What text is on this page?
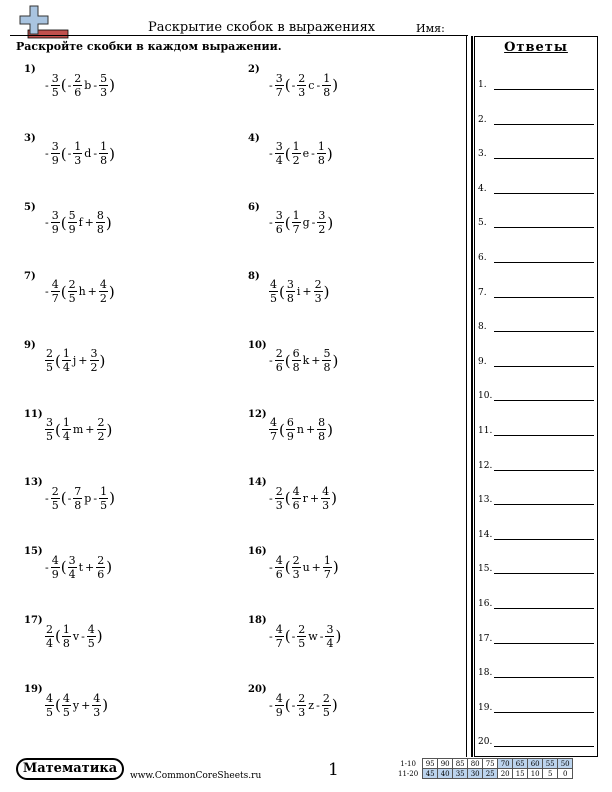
Раскрытие скобок в выражениях	Имя:
Раскройте скобки в каждом выражении.	Ответы
1.
2.
3.
4.
5.
6.
7.
8.
9.
10.
11.
12.
13.
14.
15.
16.
17.
18.
19.
20.
1)
- $\frac{3}{5}$ ( - $\frac{2}{6}$ b - $\frac{5}{3}$ )
2)
- $\frac{3}{7}$ ( - $\frac{2}{3}$ c - $\frac{1}{8}$ )
3)
- $\frac{3}{9}$ ( - $\frac{1}{3}$ d - $\frac{1}{8}$ )
4)
- $\frac{3}{4}$ ( $\frac{1}{2}$ e - $\frac{1}{8}$ )
5)
- $\frac{3}{9}$ ( $\frac{5}{9}$ $f + \frac{8}{8}$ )
6)
- $\frac{3}{6}$ ( $\frac{1}{7}$ g - $\frac{3}{2}$ )
7)
- $\frac{4}{7}$ ( $\frac{2}{5}$ $h + \frac{4}{2}$ )
8)
$\frac{4}{5}$ ( $\frac{3}{8}$ $i + \frac{2}{3}$ )
9)
$\frac{2}{5}$ ( $\frac{1}{4}$ $j + \frac{3}{2}$ )
10)
- $\frac{2}{6}$ ( $\frac{6}{8}$ $k + \frac{5}{8}$ )
11)
$\frac{3}{5}$ ( $\frac{1}{4}$ $m + \frac{2}{2}$ )
12)
$\frac{4}{7}$ ( $\frac{6}{9}$ $n + \frac{8}{8}$ )
13)
- $\frac{2}{5}$ ( - $\frac{7}{8}$ p - $\frac{1}{5}$ )
14)
- $\frac{2}{3}$ ( $\frac{4}{6}$ $r + \frac{4}{3}$ )
15)
- $\frac{4}{9}$ ( $\frac{3}{4}$ $t + \frac{2}{6}$ )
16)
- $\frac{4}{6}$ ( $\frac{2}{3}$ $u + \frac{1}{7}$ )
17)
$\frac{2}{4}$ ( $\frac{1}{8}$ v - $\frac{4}{5}$ )
18)
- $\frac{4}{7}$ ( - $\frac{2}{5}$ w - $\frac{3}{4}$ )
19)
$\frac{4}{5}$ ( $\frac{4}{5}$ $y + \frac{4}{3}$ )
20)
- $\frac{4}{9}$ ( - $\frac{2}{3}$ z - $\frac{2}{5}$ )
Математика	www.CommonCoreSheets.ru	1	1-10	95	90	85	80	75	70	65	60	55	50
11-20	45	40	35	30	25	20	15	10	5	0
